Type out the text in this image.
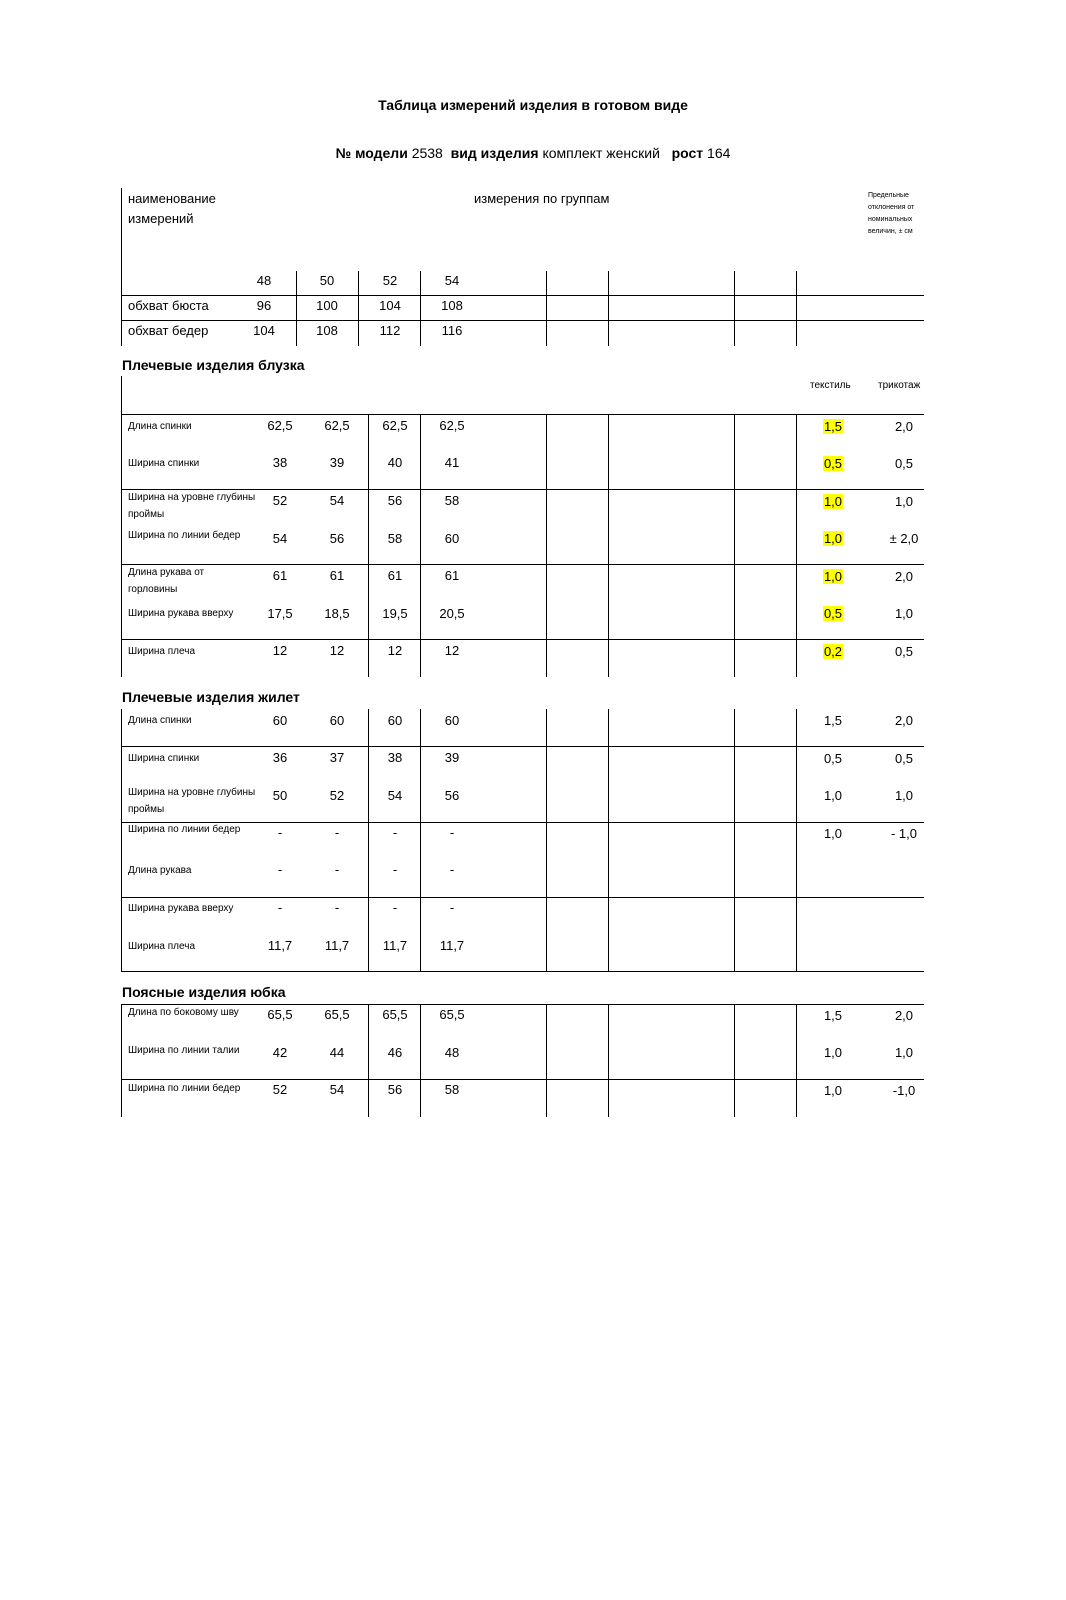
Таблица измерений изделия в готовом виде
№ модели 2538 вид изделия комплект женский рост 164
наименование
измерений
измерения по группам	Предельные отклонения от номинальных величин, ± см
48	50	52	54
обхват бюста	96	100	104	108
обхват бедер	104	108	112	116
Плечевые изделия блузка
текстиль	трикотаж
Длина спинки	62,5	62,5	62,5	62,5	1,5	2,0
Ширина спинки	38	39	40	41	0,5	0,5
Ширина на уровне глубины проймы
52	54	56	58	1,0	1,0
Ширина по линии бедер	54	56	58	60	1,0	± 2,0
Длина рукава от горловины
61	61	61	61	1,0	2,0
Ширина рукава вверху	17,5	18,5	19,5	20,5	0,5	1,0
Ширина плеча	12	12	12	12	0,2	0,5
Плечевые изделия жилет
Длина спинки	60	60	60	60	1,5	2,0
Ширина спинки	36	37	38	39	0,5	0,5
Ширина на уровне глубины проймы
50	52	54	56	1,0	1,0
Ширина по линии бедер	-	-	-	-	1,0	- 1,0
Длина рукава	-	-	-	-
Ширина рукава вверху	-	-	-	-
Ширина плеча	11,7	11,7	11,7	11,7
Поясные изделия юбка
Длина по боковому шву	65,5	65,5	65,5	65,5	1,5	2,0
Ширина по линии талии	42	44	46	48	1,0	1,0
Ширина по линии бедер	52	54	56	58	1,0	-1,0
